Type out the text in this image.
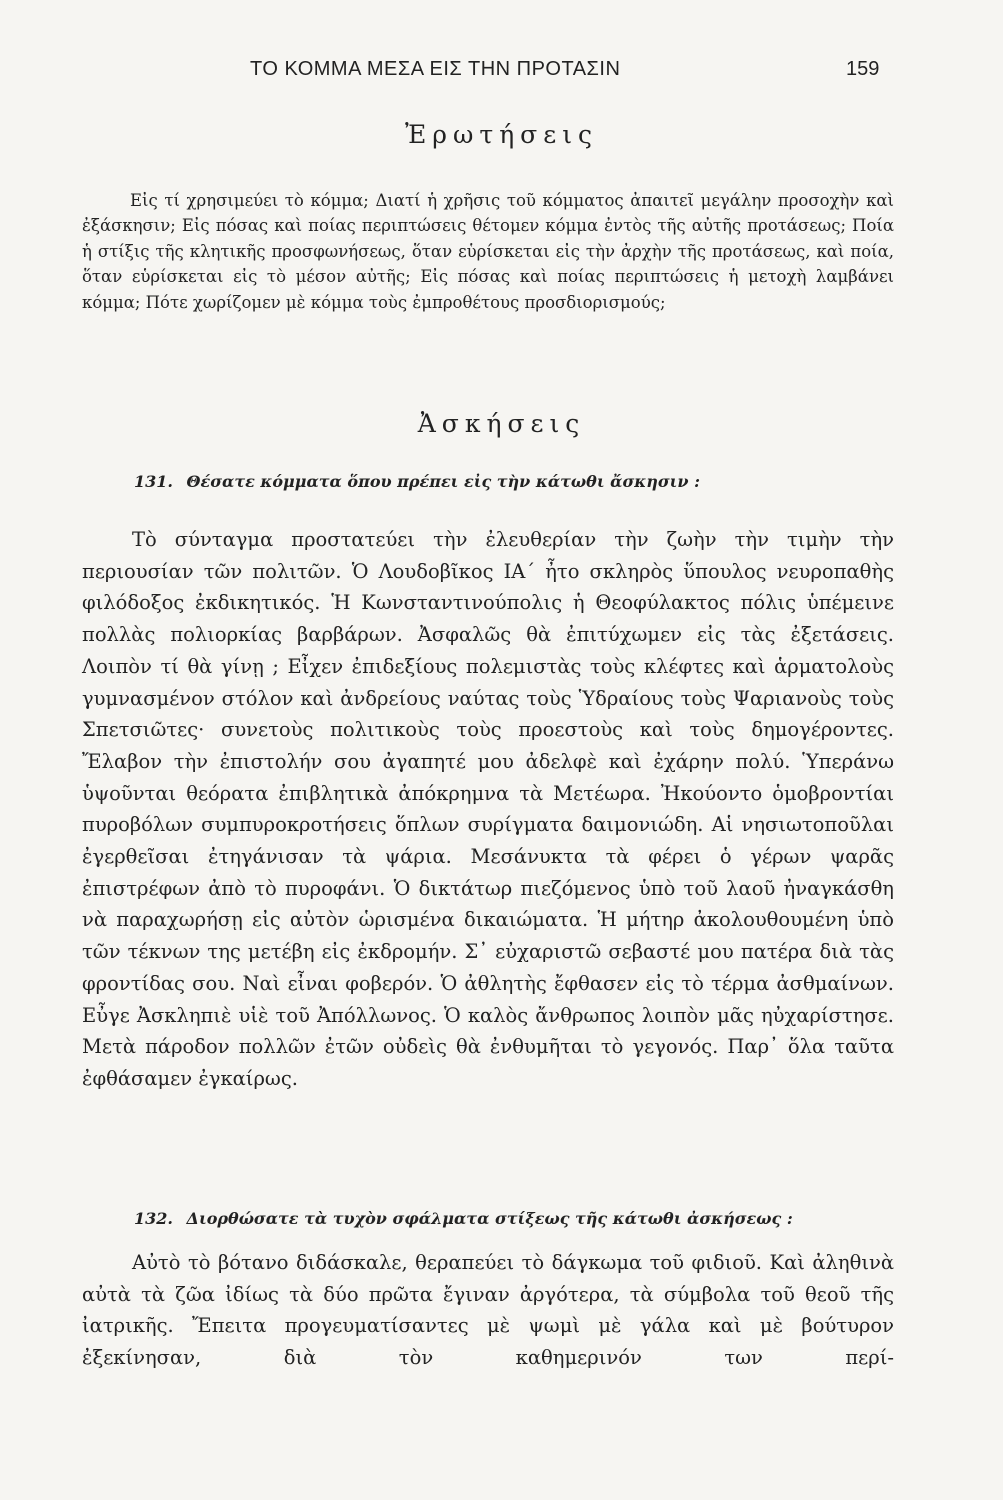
ΤΟ ΚΟΜΜΑ ΜΕΣΑ ΕΙΣ ΤΗΝ ΠΡΟΤΑΣΙΝ	159
Ἐρωτήσεις

Εἰς τί χρησιμεύει τὸ κόμμα; Διατί ἡ χρῆσις τοῦ κόμματος ἀπαιτεῖ μεγάλην προσοχὴν καὶ ἐξάσκησιν; Εἰς πόσας καὶ ποίας περιπτώσεις θέτομεν κόμμα ἐντὸς τῆς αὐτῆς προτάσεως; Ποία ἡ στίξις τῆς κλητικῆς προσφωνήσεως, ὅταν εὑρίσκεται εἰς τὴν ἀρχὴν τῆς προτάσεως, καὶ ποία, ὅταν εὑρίσκεται εἰς τὸ μέσον αὐτῆς; Εἰς πόσας καὶ ποίας περιπτώσεις ἡ μετοχὴ λαμβάνει κόμμα; Πότε χωρίζομεν μὲ κόμμα τοὺς ἐμπροθέτους προσδιορισμούς;

Ἀσκήσεις
131. Θέσατε κόμματα ὅπου πρέπει εἰς τὴν κάτωθι ἄσκησιν :

Τὸ σύνταγμα προστατεύει τὴν ἐλευθερίαν τὴν ζωὴν τὴν τιμὴν τὴν περιουσίαν τῶν πολιτῶν. Ὁ Λουδοβῖκος ΙΑ΄ ἦτο σκληρὸς ὕπουλος νευροπαθὴς φιλόδοξος ἐκδικητικός. Ἡ Κωνσταντινούπολις ἡ Θεοφύλακτος πόλις ὑπέμεινε πολλὰς πολιορκίας βαρβάρων. Ἀσφαλῶς θὰ ἐπιτύχωμεν εἰς τὰς ἐξετάσεις. Λοιπὸν τί θὰ γίνῃ ; Εἶχεν ἐπιδεξίους πολεμιστὰς τοὺς κλέφτες καὶ ἁρματολοὺς γυμνασμένον στόλον καὶ ἀνδρείους ναύτας τοὺς Ὑδραίους τοὺς Ψαριανοὺς τοὺς Σπετσιῶτες· συνετοὺς πολιτικοὺς τοὺς προεστοὺς καὶ τοὺς δημογέροντες. Ἔλαβον τὴν ἐπιστολήν σου ἀγαπητέ μου ἀδελφὲ καὶ ἐχάρην πολύ. Ὑπεράνω ὑψοῦνται θεόρατα ἐπιβλητικὰ ἀπόκρημνα τὰ Μετέωρα. Ἠκούοντο ὁμοβροντίαι πυροβόλων συμπυροκροτήσεις ὅπλων συρίγματα δαιμονιώδη. Αἱ νησιωτοποῦλαι ἐγερθεῖσαι ἐτηγάνισαν τὰ ψάρια. Μεσάνυκτα τὰ φέρει ὁ γέρων ψαρᾶς ἐπιστρέφων ἀπὸ τὸ πυροφάνι. Ὁ δικτάτωρ πιεζόμενος ὑπὸ τοῦ λαοῦ ἠναγκάσθη νὰ παραχωρήσῃ εἰς αὐτὸν ὡρισμένα δικαιώματα. Ἡ μήτηρ ἀκολουθουμένη ὑπὸ τῶν τέκνων της μετέβη εἰς ἐκδρομήν. Σ᾽ εὐχαριστῶ σεβαστέ μου πατέρα διὰ τὰς φροντίδας σου. Ναὶ εἶναι φοβερόν. Ὁ ἀθλητὴς ἔφθασεν εἰς τὸ τέρμα ἀσθμαίνων. Εὖγε Ἀσκληπιὲ υἱὲ τοῦ Ἀπόλλωνος. Ὁ καλὸς ἄνθρωπος λοιπὸν μᾶς ηὐχαρίστησε. Μετὰ πάροδον πολλῶν ἐτῶν οὐδεὶς θὰ ἐνθυμῆται τὸ γεγονός. Παρ᾽ ὅλα ταῦτα ἐφθάσαμεν ἐγκαίρως.

132. Διορθώσατε τὰ τυχὸν σφάλματα στίξεως τῆς κάτωθι ἀσκήσεως :

Αὐτὸ τὸ βότανο διδάσκαλε, θεραπεύει τὸ δάγκωμα τοῦ φιδιοῦ. Καὶ ἀληθινὰ αὐτὰ τὰ ζῶα ἰδίως τὰ δύο πρῶτα ἔγιναν ἀργότερα, τὰ σύμβολα τοῦ θεοῦ τῆς ἰατρικῆς. Ἔπειτα προγευματίσαντες μὲ ψωμὶ μὲ γάλα καὶ μὲ βούτυρον ἐξεκίνησαν, διὰ τὸν καθημερινόν των περί-
